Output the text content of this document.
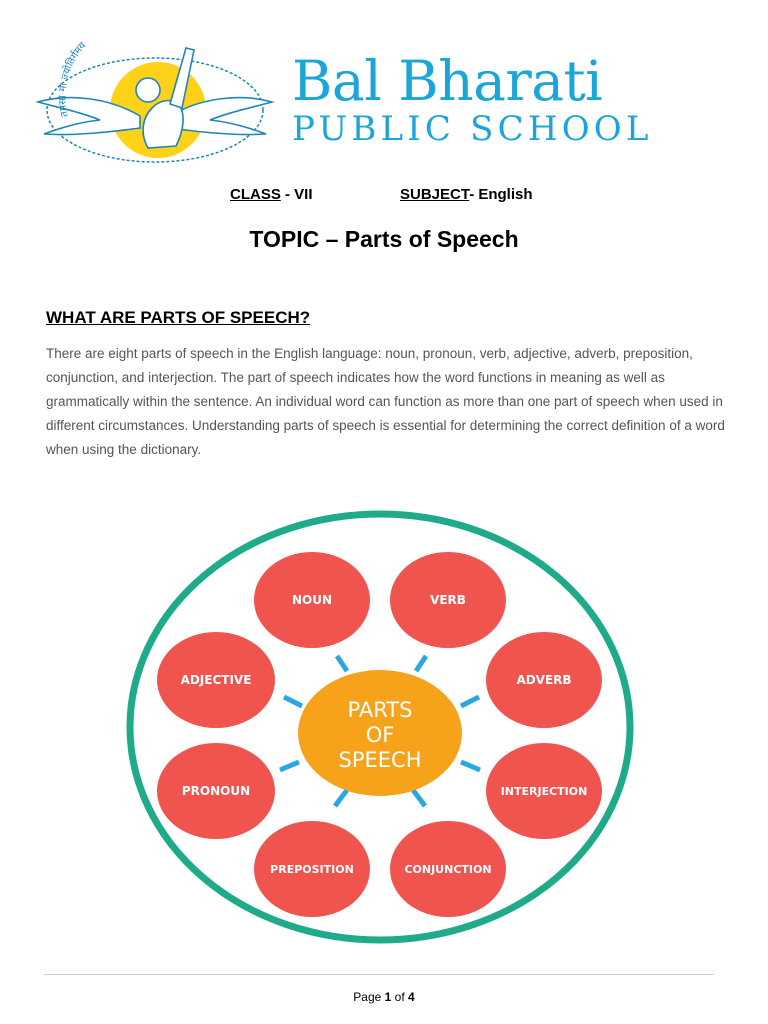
तमसो मा ज्योतिर्गमय
Bal Bharati
PUBLIC SCHOOL
CLASS - VII	SUBJECT- English
TOPIC – Parts of Speech
WHAT ARE PARTS OF SPEECH?

There are eight parts of speech in the English language: noun, pronoun, verb, adjective, adverb, preposition, conjunction, and interjection. The part of speech indicates how the word functions in meaning as well as grammatically within the sentence. An individual word can function as more than one part of speech when used in different circumstances. Understanding parts of speech is essential for determining the correct definition of a word when using the dictionary.

NOUN	VERB
ADJECTIVE	ADVERB
PRONOUN	INTERJECTION
PREPOSITION	CONJUNCTION
PARTS
OF
SPEECH
Page 1 of 4
